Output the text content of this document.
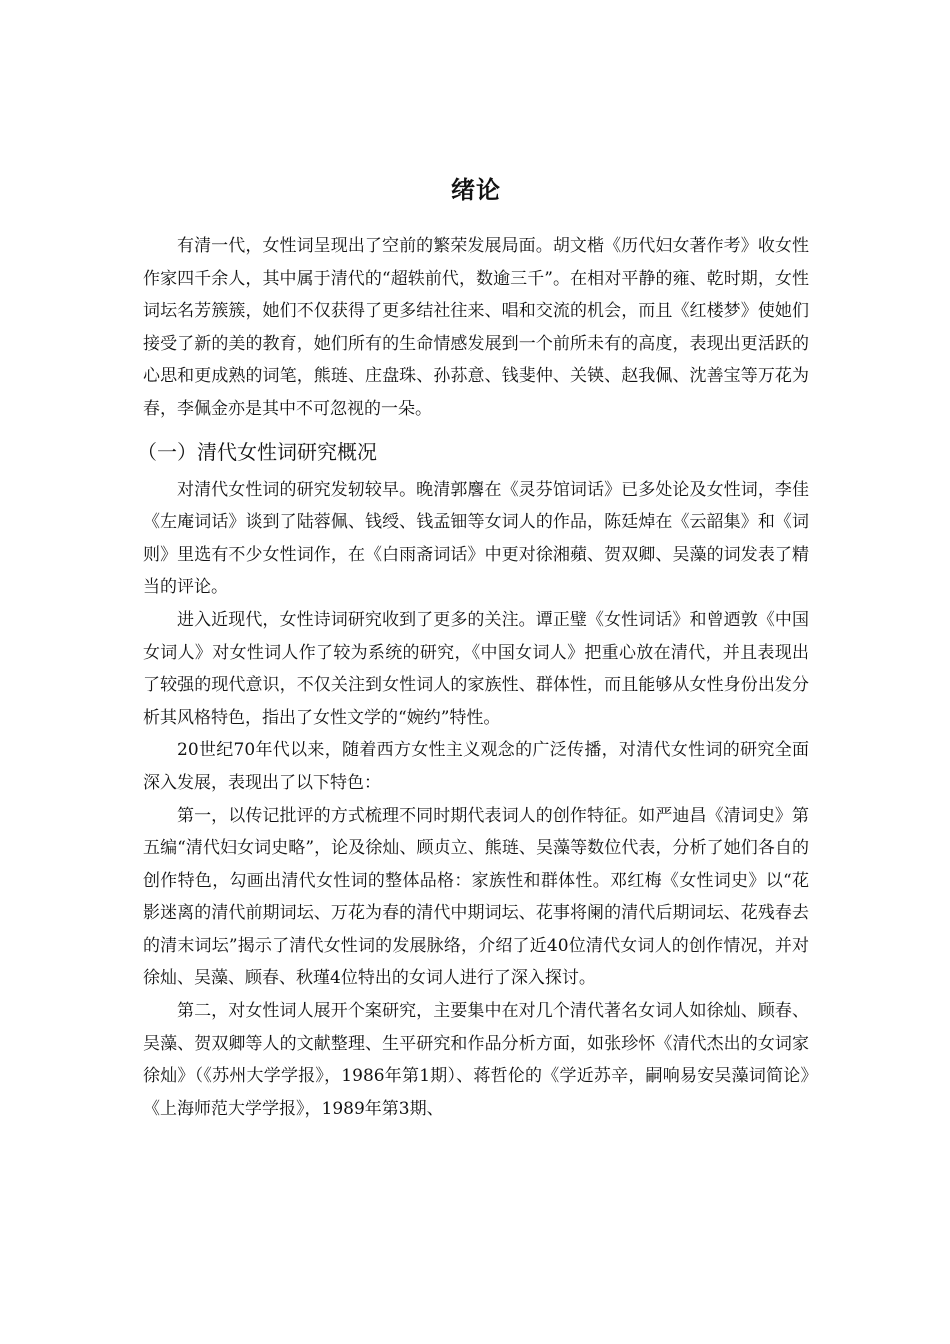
绪论

有清一代，女性词呈现出了空前的繁荣发展局面。胡文楷《历代妇女著作考》收女性作家四千余人，其中属于清代的“超轶前代，数逾三千”。在相对平静的雍、乾时期，女性词坛名芳簇簇，她们不仅获得了更多结社往来、唱和交流的机会，而且《红楼梦》使她们接受了新的美的教育，她们所有的生命情感发展到一个前所未有的高度，表现出更活跃的心思和更成熟的词笔，熊琏、庄盘珠、孙荪意、钱斐仲、关锳、赵我佩、沈善宝等万花为春，李佩金亦是其中不可忽视的一朵。

（一）清代女性词研究概况

对清代女性词的研究发轫较早。晚清郭麐在《灵芬馆词话》已多处论及女性词，李佳《左庵词话》谈到了陆蓉佩、钱绶、钱孟钿等女词人的作品，陈廷焯在《云韶集》和《词则》里选有不少女性词作，在《白雨斋词话》中更对徐湘蘋、贺双卿、吴藻的词发表了精当的评论。

进入近现代，女性诗词研究收到了更多的关注。谭正璧《女性词话》和曾迺敦《中国女词人》对女性词人作了较为系统的研究，《中国女词人》把重心放在清代，并且表现出了较强的现代意识，不仅关注到女性词人的家族性、群体性，而且能够从女性身份出发分析其风格特色，指出了女性文学的“婉约”特性。

20世纪70年代以来，随着西方女性主义观念的广泛传播，对清代女性词的研究全面深入发展，表现出了以下特色：

第一，以传记批评的方式梳理不同时期代表词人的创作特征。如严迪昌《清词史》第五编“清代妇女词史略”，论及徐灿、顾贞立、熊琏、吴藻等数位代表，分析了她们各自的创作特色，勾画出清代女性词的整体品格：家族性和群体性。邓红梅《女性词史》以“花影迷离的清代前期词坛、万花为春的清代中期词坛、花事将阑的清代后期词坛、花残春去的清末词坛”揭示了清代女性词的发展脉络，介绍了近40位清代女词人的创作情况，并对徐灿、吴藻、顾春、秋瑾4位特出的女词人进行了深入探讨。

第二，对女性词人展开个案研究，主要集中在对几个清代著名女词人如徐灿、顾春、吴藻、贺双卿等人的文献整理、生平研究和作品分析方面，如张珍怀《清代杰出的女词家徐灿》（《苏州大学学报》，1986年第1期）、蒋哲伦的《学近苏辛，嗣响易安吴藻词简论》《上海师范大学学报》，1989年第3期、
